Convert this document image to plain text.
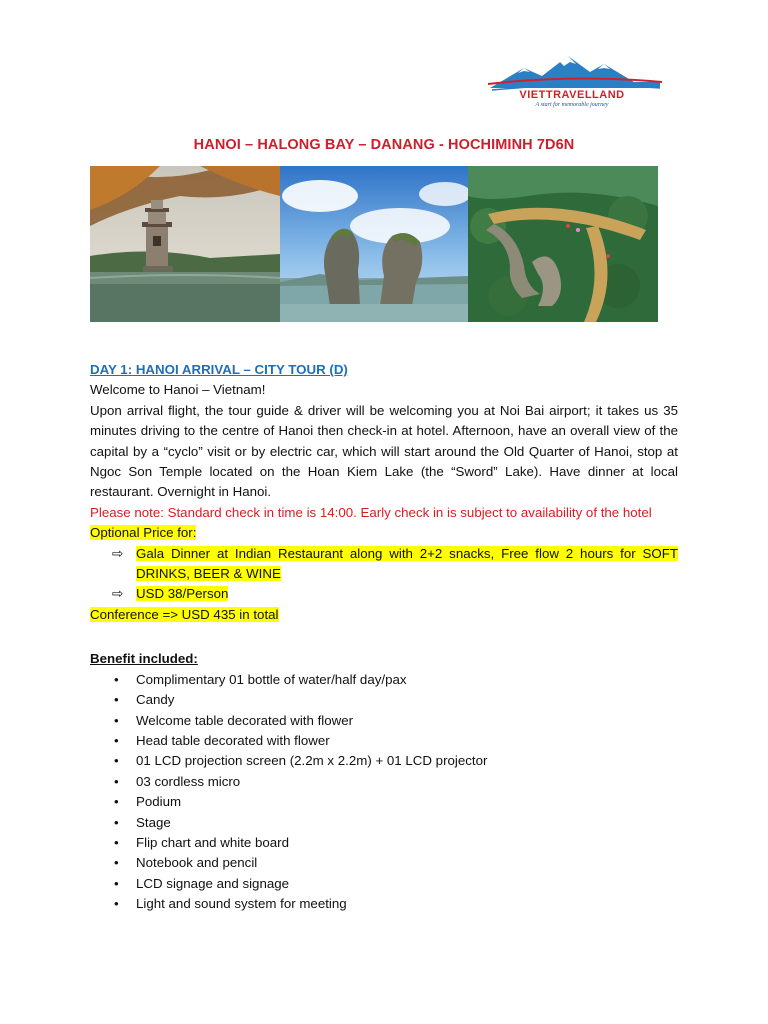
VIETTRAVELLAND
A start for memorable journey
HANOI – HALONG BAY – DANANG - HOCHIMINH 7D6N
DAY 1: HANOI ARRIVAL – CITY TOUR (D)
Welcome to Hanoi – Vietnam!
Upon arrival flight, the tour guide & driver will be welcoming you at Noi Bai airport; it takes us 35 minutes driving to the centre of Hanoi then check-in at hotel. Afternoon, have an overall view of the capital by a “cyclo” visit or by electric car, which will start around the Old Quarter of Hanoi, stop at Ngoc Son Temple located on the Hoan Kiem Lake (the “Sword” Lake). Have dinner at local restaurant. Overnight in Hanoi.
Please note: Standard check in time is 14:00. Early check in is subject to availability of the hotel
Optional Price for:
⇨ Gala Dinner at Indian Restaurant along with 2+2 snacks, Free flow 2 hours for SOFT DRINKS, BEER & WINE
⇨ USD 38/Person
Conference => USD 435 in total
Benefit included:
• Complimentary 01 bottle of water/half day/pax
• Candy
• Welcome table decorated with flower
• Head table decorated with flower
• 01 LCD projection screen (2.2m x 2.2m) + 01 LCD projector
• 03 cordless micro
• Podium
• Stage
• Flip chart and white board
• Notebook and pencil
• LCD signage and signage
• Light and sound system for meeting
